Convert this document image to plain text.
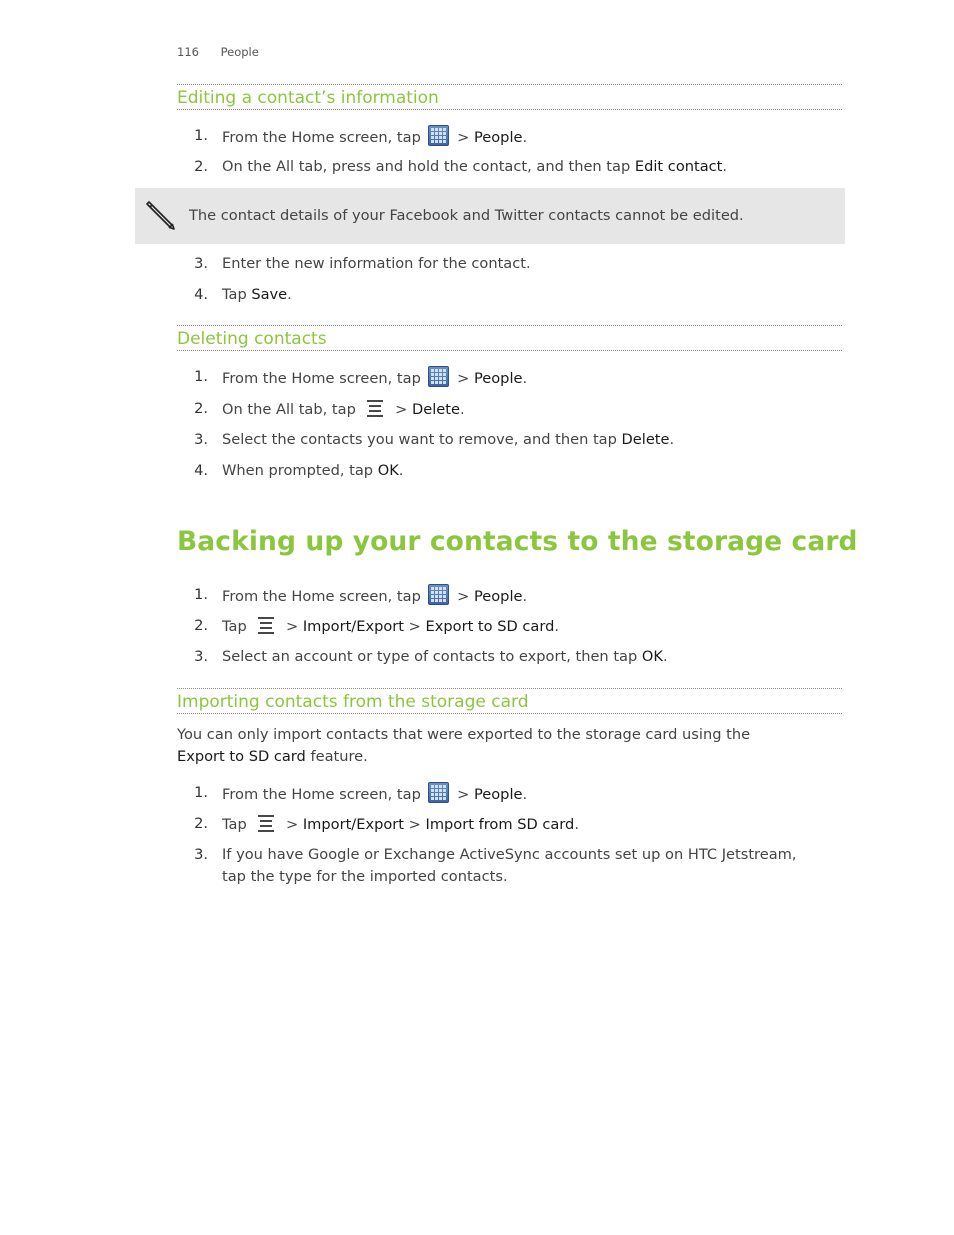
116 People
Editing a contact’s information
1. From the Home screen, tap
> People.
2. On the All tab, press and hold the contact, and then tap Edit contact.
The contact details of your Facebook and Twitter contacts cannot be edited.
3. Enter the new information for the contact.
4. Tap Save.
Deleting contacts
1. From the Home screen, tap
> People.
2. On the All tab, tap  > Delete.
3. Select the contacts you want to remove, and then tap Delete.
4. When prompted, tap OK.
Backing up your contacts to the storage card
1. From the Home screen, tap
> People.
2. Tap  > Import/Export > Export to SD card.
3. Select an account or type of contacts to export, then tap OK.
Importing contacts from the storage card
You can only import contacts that were exported to the storage card using the
Export to SD card feature.
1. From the Home screen, tap
> People.
2. Tap  > Import/Export > Import from SD card.
3. If you have Google or Exchange ActiveSync accounts set up on HTC Jetstream,
tap the type for the imported contacts.
